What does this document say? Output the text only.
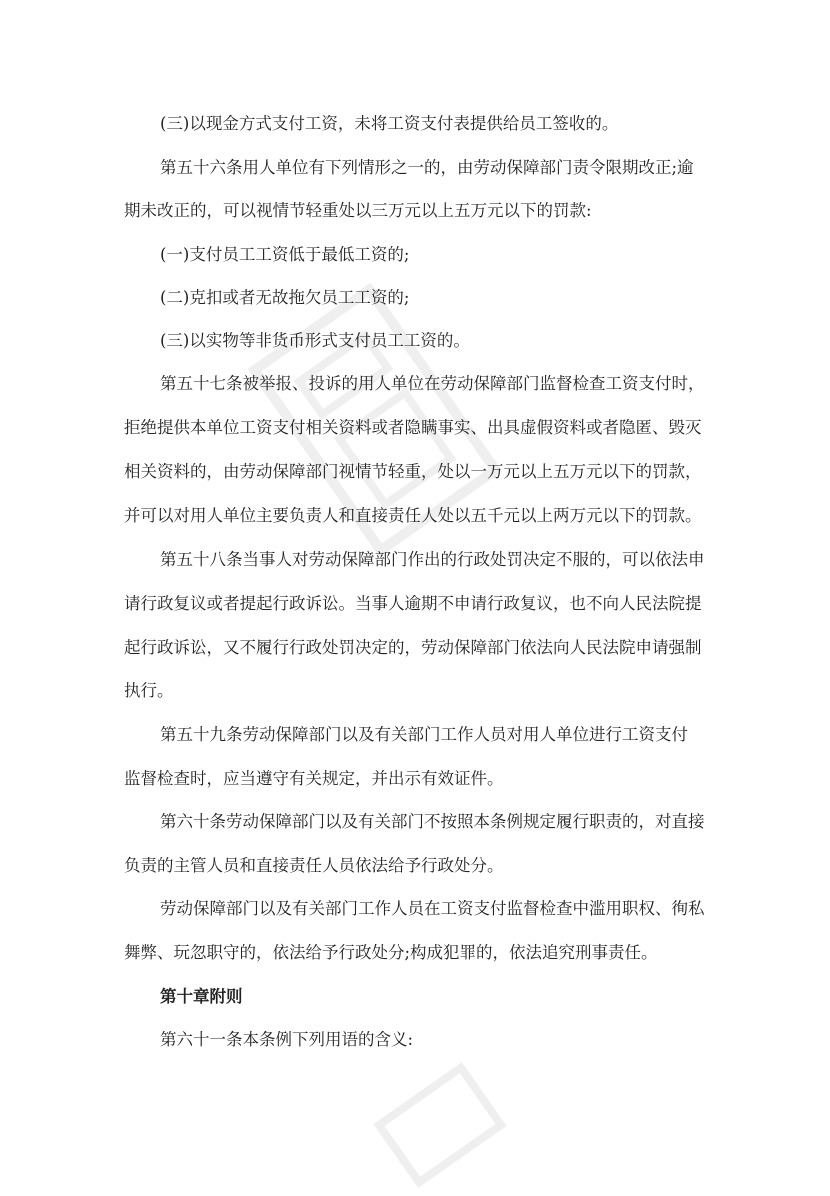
(三)以现金方式支付工资，未将工资支付表提供给员工签收的。
第五十六条用人单位有下列情形之一的，由劳动保障部门责令限期改正;逾
期未改正的，可以视情节轻重处以三万元以上五万元以下的罚款:
(一)支付员工工资低于最低工资的;
(二)克扣或者无故拖欠员工工资的;
(三)以实物等非货币形式支付员工工资的。
第五十七条被举报、投诉的用人单位在劳动保障部门监督检查工资支付时，
拒绝提供本单位工资支付相关资料或者隐瞒事实、出具虚假资料或者隐匿、毁灭
相关资料的，由劳动保障部门视情节轻重，处以一万元以上五万元以下的罚款，
并可以对用人单位主要负责人和直接责任人处以五千元以上两万元以下的罚款。
第五十八条当事人对劳动保障部门作出的行政处罚决定不服的，可以依法申
请行政复议或者提起行政诉讼。当事人逾期不申请行政复议，也不向人民法院提
起行政诉讼，又不履行行政处罚决定的，劳动保障部门依法向人民法院申请强制
执行。
第五十九条劳动保障部门以及有关部门工作人员对用人单位进行工资支付
监督检查时，应当遵守有关规定，并出示有效证件。
第六十条劳动保障部门以及有关部门不按照本条例规定履行职责的，对直接
负责的主管人员和直接责任人员依法给予行政处分。
劳动保障部门以及有关部门工作人员在工资支付监督检查中滥用职权、徇私
舞弊、玩忽职守的，依法给予行政处分;构成犯罪的，依法追究刑事责任。
第十章附则
第六十一条本条例下列用语的含义:
